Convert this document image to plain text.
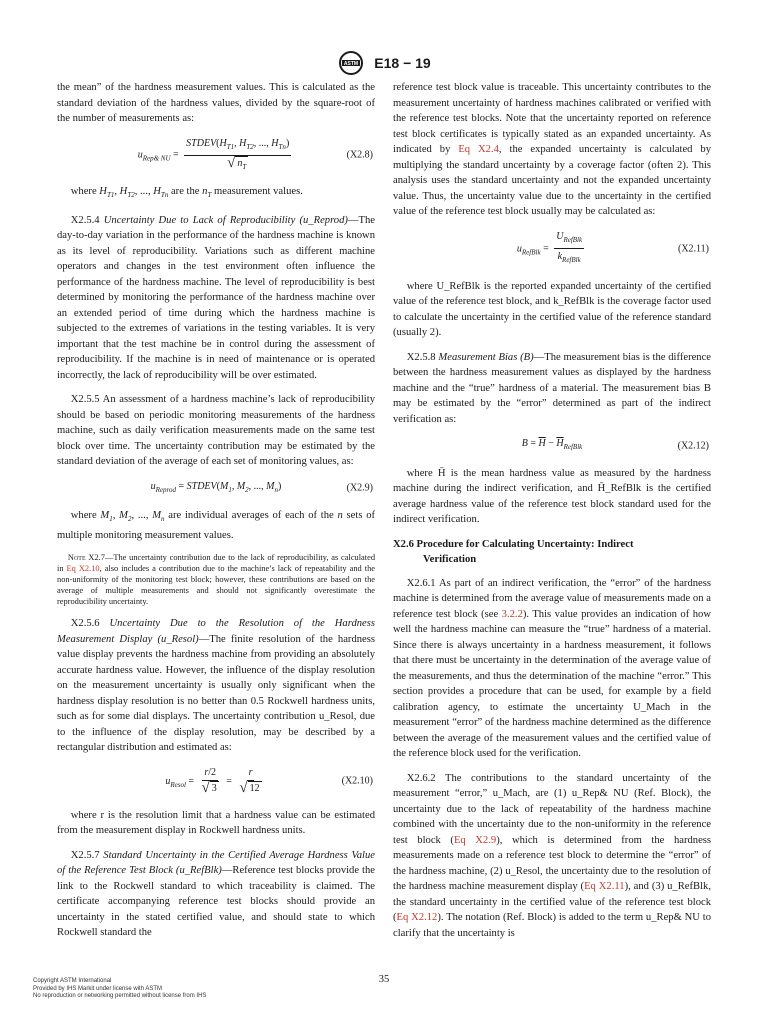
ASTM E18 − 19

the mean” of the hardness measurement values. This is calculated as the standard deviation of the hardness values, divided by the square-root of the number of measurements as:

$u_{Rep\& NU} = \frac{STDEV(H_{T1}, H_{T2}, ..., H_{Tn})}{√ n_T}$	(X2.8)

where $H_{T1}$, $H_{T2}$, ..., $H_{Tn}$ are the $n_T$ measurement values.

X2.5.4 Uncertainty Due to Lack of Reproducibility (u_Reprod)—The day-to-day variation in the performance of the hardness machine is known as its level of reproducibility. Variations such as different machine operators and changes in the test environment often influence the performance of the hardness machine. The level of reproducibility is best determined by monitoring the performance of the hardness machine over an extended period of time during which the hardness machine is subjected to the extremes of variations in the testing variables. It is very important that the test machine be in control during the assessment of reproducibility. If the machine is in need of maintenance or is operated incorrectly, the lack of reproducibility will be over estimated.

X2.5.5 An assessment of a hardness machine’s lack of reproducibility should be based on periodic monitoring measurements of the hardness machine, such as daily verification measurements made on the same test block over time. The uncertainty contribution may be estimated by the standard deviation of the average of each set of monitoring values, as:

$u_{Reprod}$ = $STDEV(M_1$, $M_2$, ..., $M_n$)	(X2.9)

where $M_1$, $M_2$, ..., $M_n$ are individual averages of each of the n sets of multiple monitoring measurement values.

Note X2.7—The uncertainty contribution due to the lack of reproducibility, as calculated in Eq X2.10, also includes a contribution due to the machine’s lack of repeatability and the non-uniformity of the monitoring test block; however, these contributions are based on the average of multiple measurements and should not significantly overestimate the reproducibility uncertainty.

X2.5.6 Uncertainty Due to the Resolution of the Hardness Measurement Display (u_Resol)—The finite resolution of the hardness value display prevents the hardness machine from providing an absolutely accurate hardness value. However, the influence of the display resolution on the measurement uncertainty is usually only significant when the hardness display resolution is no better than 0.5 Rockwell hardness units, such as for some dial displays. The uncertainty contribution u_Resol, due to the influence of the display resolution, may be described by a rectangular distribution and estimated as:

$u_{Resol} = \frac{r/2}{√ 3} = \frac{r}{√ 12}$	(X2.10)

where r is the resolution limit that a hardness value can be estimated from the measurement display in Rockwell hardness units.

X2.5.7 Standard Uncertainty in the Certified Average Hardness Value of the Reference Test Block (u_RefBlk)—Reference test blocks provide the link to the Rockwell standard to which traceability is claimed. The certificate accompanying reference test blocks should provide an uncertainty in the stated certified value, and should state to which Rockwell standard the

reference test block value is traceable. This uncertainty contributes to the measurement uncertainty of hardness machines calibrated or verified with the reference test blocks. Note that the uncertainty reported on reference test block certificates is typically stated as an expanded uncertainty. As indicated by Eq X2.4, the expanded uncertainty is calculated by multiplying the standard uncertainty by a coverage factor (often 2). This analysis uses the standard uncertainty and not the expanded uncertainty value. Thus, the uncertainty value due to the uncertainty in the certified value of the reference test block usually may be calculated as:

$u_{RefBlk} = \frac{U_{RefBlk}}{k_{RefBlk}}$	(X2.11)

where U_RefBlk is the reported expanded uncertainty of the certified value of the reference test block, and k_RefBlk is the coverage factor used to calculate the uncertainty in the certified value of the reference standard (usually 2).

X2.5.8 Measurement Bias (B)—The measurement bias is the difference between the hardness measurement values as displayed by the hardness machine and the “true” hardness of a material. The measurement bias B may be estimated by the “error” determined as part of the indirect verification as:

$B = \overline{H} - \overline{H}_{RefBlk}$	(X2.12)

where H̄ is the mean hardness value as measured by the hardness machine during the indirect verification, and H̄_RefBlk is the certified average hardness value of the reference test block standard used for the indirect verification.

X2.6 Procedure for Calculating Uncertainty: Indirect
Verification

X2.6.1 As part of an indirect verification, the “error” of the hardness machine is determined from the average value of measurements made on a reference test block (see 3.2.2). This value provides an indication of how well the hardness machine can measure the “true” hardness of a material. Since there is always uncertainty in a hardness measurement, it follows that there must be uncertainty in the determination of the average value of the measurements, and thus the determination of the machine “error.” This section provides a procedure that can be used, for example by a field calibration agency, to estimate the uncertainty U_Mach in the measurement “error” of the hardness machine determined as the difference between the average of the measurement values and the certified value of the reference block used for the verification.

X2.6.2 The contributions to the standard uncertainty of the measurement “error,” u_Mach, are (1) u_Rep& NU (Ref. Block), the uncertainty due to the lack of repeatability of the hardness machine combined with the uncertainty due to the non-uniformity in the reference test block (Eq X2.9), which is determined from the hardness measurements made on a reference test block to determine the “error” of the hardness machine, (2) u_Resol, the uncertainty due to the resolution of the hardness machine measurement display (Eq X2.11), and (3) u_RefBlk, the standard uncertainty in the certified value of the reference test block (Eq X2.12). The notation (Ref. Block) is added to the term u_Rep& NU to clarify that the uncertainty is

Copyright ASTM International
Provided by IHS Markit under license with ASTM
No reproduction or networking permitted without license from IHS
35
